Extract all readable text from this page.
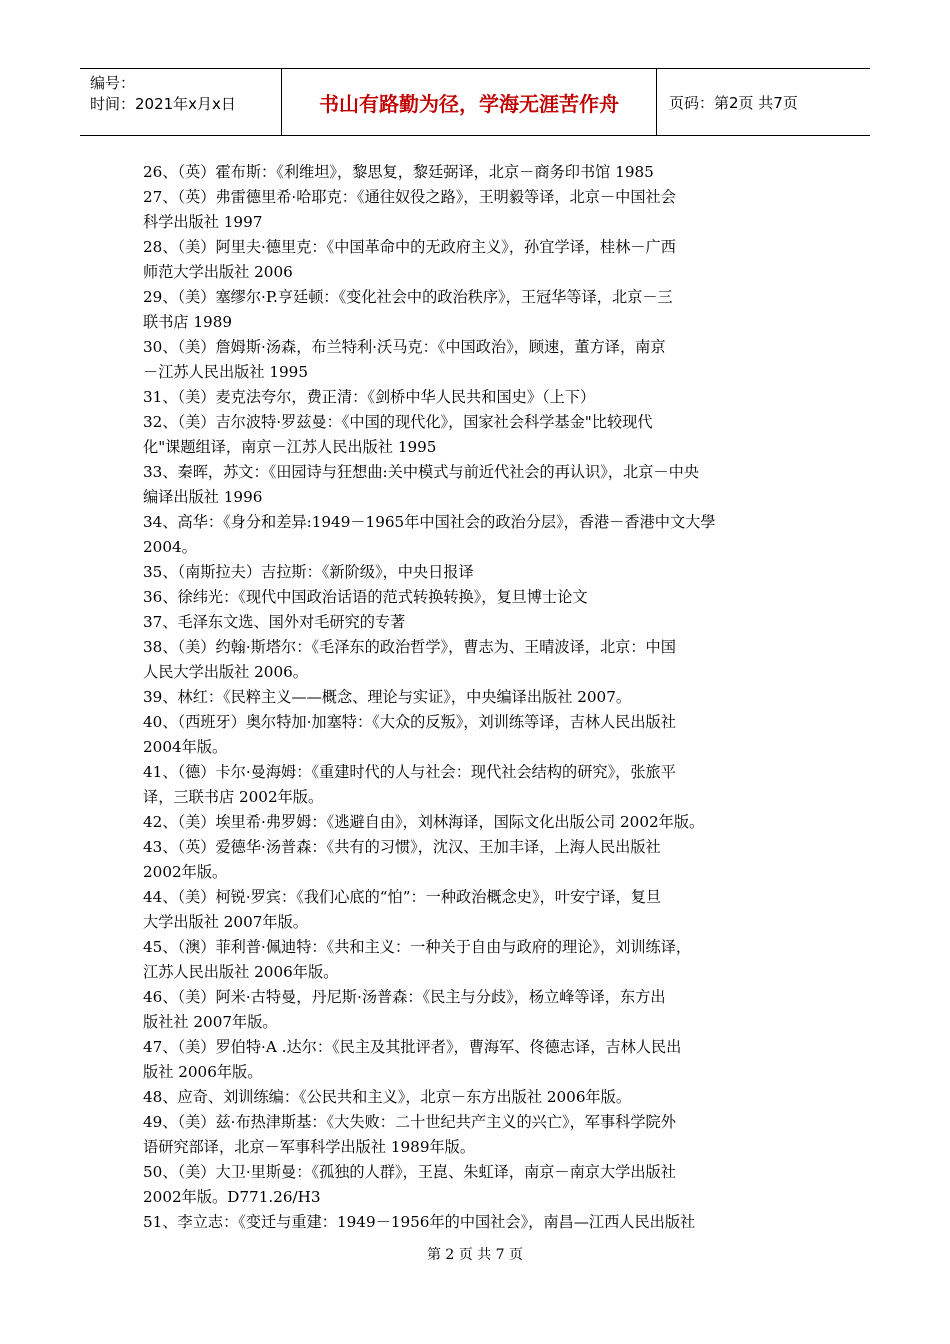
编号：
时间：2021年x月x日	书山有路勤为径，学海无涯苦作舟	页码：第2页 共7页
26、（英）霍布斯：《利维坦》，黎思复，黎廷弼译，北京－商务印书馆 1985
27、（英）弗雷德里希·哈耶克：《通往奴役之路》，王明毅等译，北京－中国社会
科学出版社 1997
28、（美）阿里夫·德里克：《中国革命中的无政府主义》，孙宜学译，桂林－广西
师范大学出版社 2006
29、（美）塞缪尔·P.亨廷顿：《变化社会中的政治秩序》，王冠华等译，北京－三
联书店 1989
30、（美）詹姆斯·汤森，布兰特利·沃马克：《中国政治》，顾速，董方译，南京
－江苏人民出版社 1995
31、（美）麦克法夸尔，费正清：《剑桥中华人民共和国史》（上下）
32、（美）吉尔波特·罗兹曼：《中国的现代化》，国家社会科学基金"比较现代
化"课题组译，南京－江苏人民出版社 1995
33、秦晖，苏文：《田园诗与狂想曲:关中模式与前近代社会的再认识》，北京－中央
编译出版社 1996
34、高华：《身分和差异:1949－1965年中国社会的政治分层》，香港－香港中文大學
2004。
35、（南斯拉夫）吉拉斯：《新阶级》，中央日报译
36、徐纬光：《现代中国政治话语的范式转换转换》，复旦博士论文
37、毛泽东文选、国外对毛研究的专著
38、（美）约翰·斯塔尔：《毛泽东的政治哲学》，曹志为、王晴波译，北京：中国
人民大学出版社 2006。
39、林红：《民粹主义——概念、理论与实证》，中央编译出版社 2007。
40、（西班牙）奥尔特加·加塞特：《大众的反叛》，刘训练等译，吉林人民出版社
2004年版。
41、（德）卡尔·曼海姆：《重建时代的人与社会：现代社会结构的研究》，张旅平
译，三联书店 2002年版。
42、（美）埃里希·弗罗姆：《逃避自由》，刘林海译，国际文化出版公司 2002年版。
43、（英）爱德华·汤普森：《共有的习惯》，沈汉、王加丰译，上海人民出版社
2002年版。
44、（美）柯锐·罗宾：《我们心底的“怕”：一种政治概念史》，叶安宁译，复旦
大学出版社 2007年版。
45、（澳）菲利普·佩迪特：《共和主义：一种关于自由与政府的理论》，刘训练译，
江苏人民出版社 2006年版。
46、（美）阿米·古特曼，丹尼斯·汤普森：《民主与分歧》，杨立峰等译，东方出
版社社 2007年版。
47、（美）罗伯特·A .达尔：《民主及其批评者》，曹海军、佟德志译，吉林人民出
版社 2006年版。
48、应奇、刘训练编：《公民共和主义》，北京－东方出版社 2006年版。
49、（美）兹·布热津斯基：《大失败：二十世纪共产主义的兴亡》，军事科学院外
语研究部译，北京－军事科学出版社 1989年版。
50、（美）大卫·里斯曼：《孤独的人群》，王崑、朱虹译，南京－南京大学出版社
2002年版。D771.26/H3
51、李立志：《变迁与重建：1949－1956年的中国社会》，南昌—江西人民出版社
第 2 页 共 7 页
